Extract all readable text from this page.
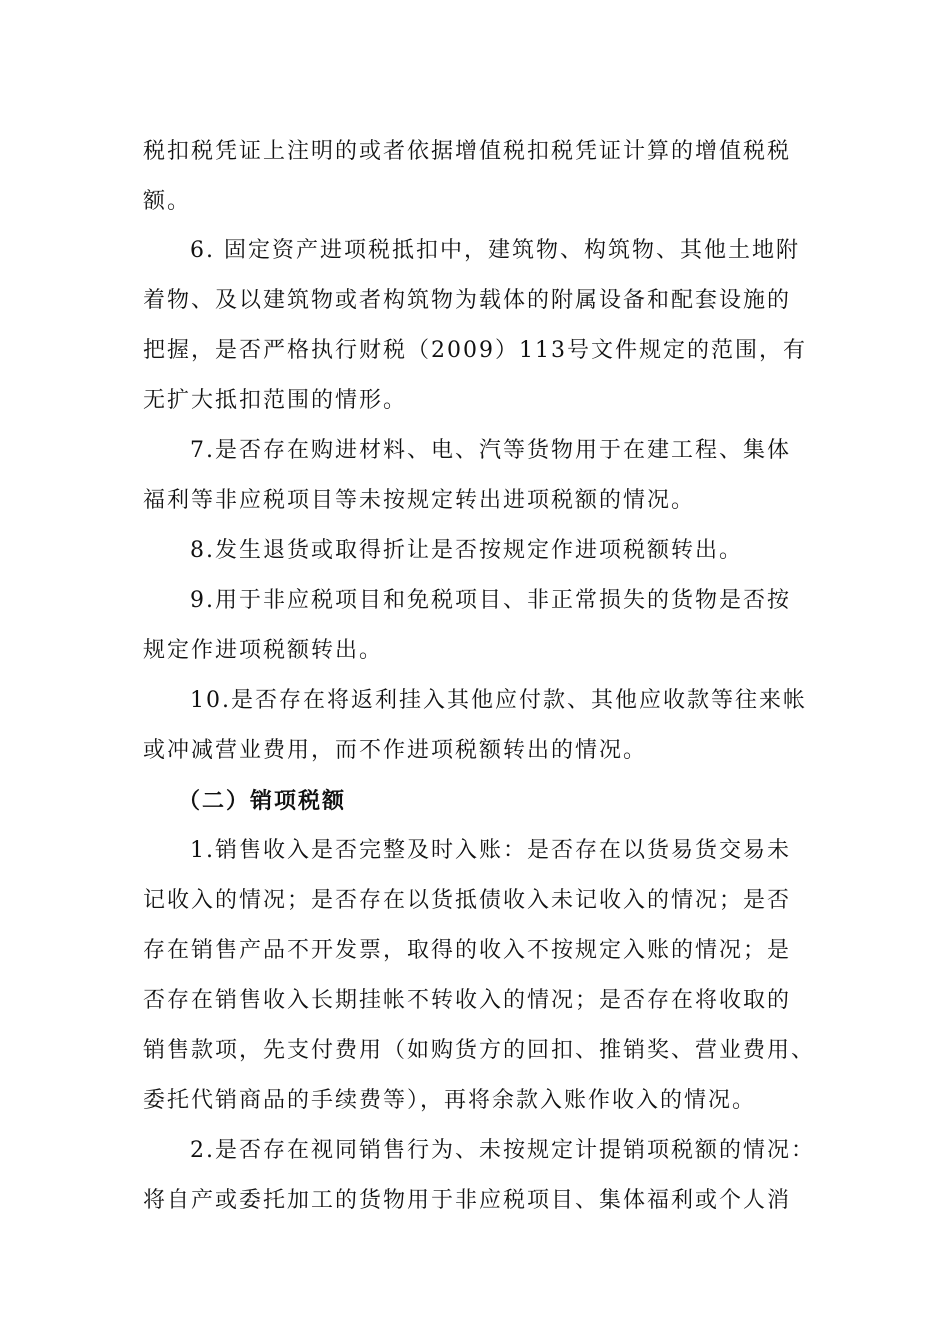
税扣税凭证上注明的或者依据增值税扣税凭证计算的增值税税
额。
6. 固定资产进项税抵扣中，建筑物、构筑物、其他土地附
着物、及以建筑物或者构筑物为载体的附属设备和配套设施的
把握，是否严格执行财税（2009）113号文件规定的范围，有
无扩大抵扣范围的情形。
7.是否存在购进材料、电、汽等货物用于在建工程、集体
福利等非应税项目等未按规定转出进项税额的情况。
8.发生退货或取得折让是否按规定作进项税额转出。
9.用于非应税项目和免税项目、非正常损失的货物是否按
规定作进项税额转出。
10.是否存在将返利挂入其他应付款、其他应收款等往来帐
或冲减营业费用，而不作进项税额转出的情况。
（二）销项税额
1.销售收入是否完整及时入账：是否存在以货易货交易未
记收入的情况；是否存在以货抵债收入未记收入的情况；是否
存在销售产品不开发票，取得的收入不按规定入账的情况；是
否存在销售收入长期挂帐不转收入的情况；是否存在将收取的
销售款项，先支付费用（如购货方的回扣、推销奖、营业费用、
委托代销商品的手续费等），再将余款入账作收入的情况。
2.是否存在视同销售行为、未按规定计提销项税额的情况：
将自产或委托加工的货物用于非应税项目、集体福利或个人消
